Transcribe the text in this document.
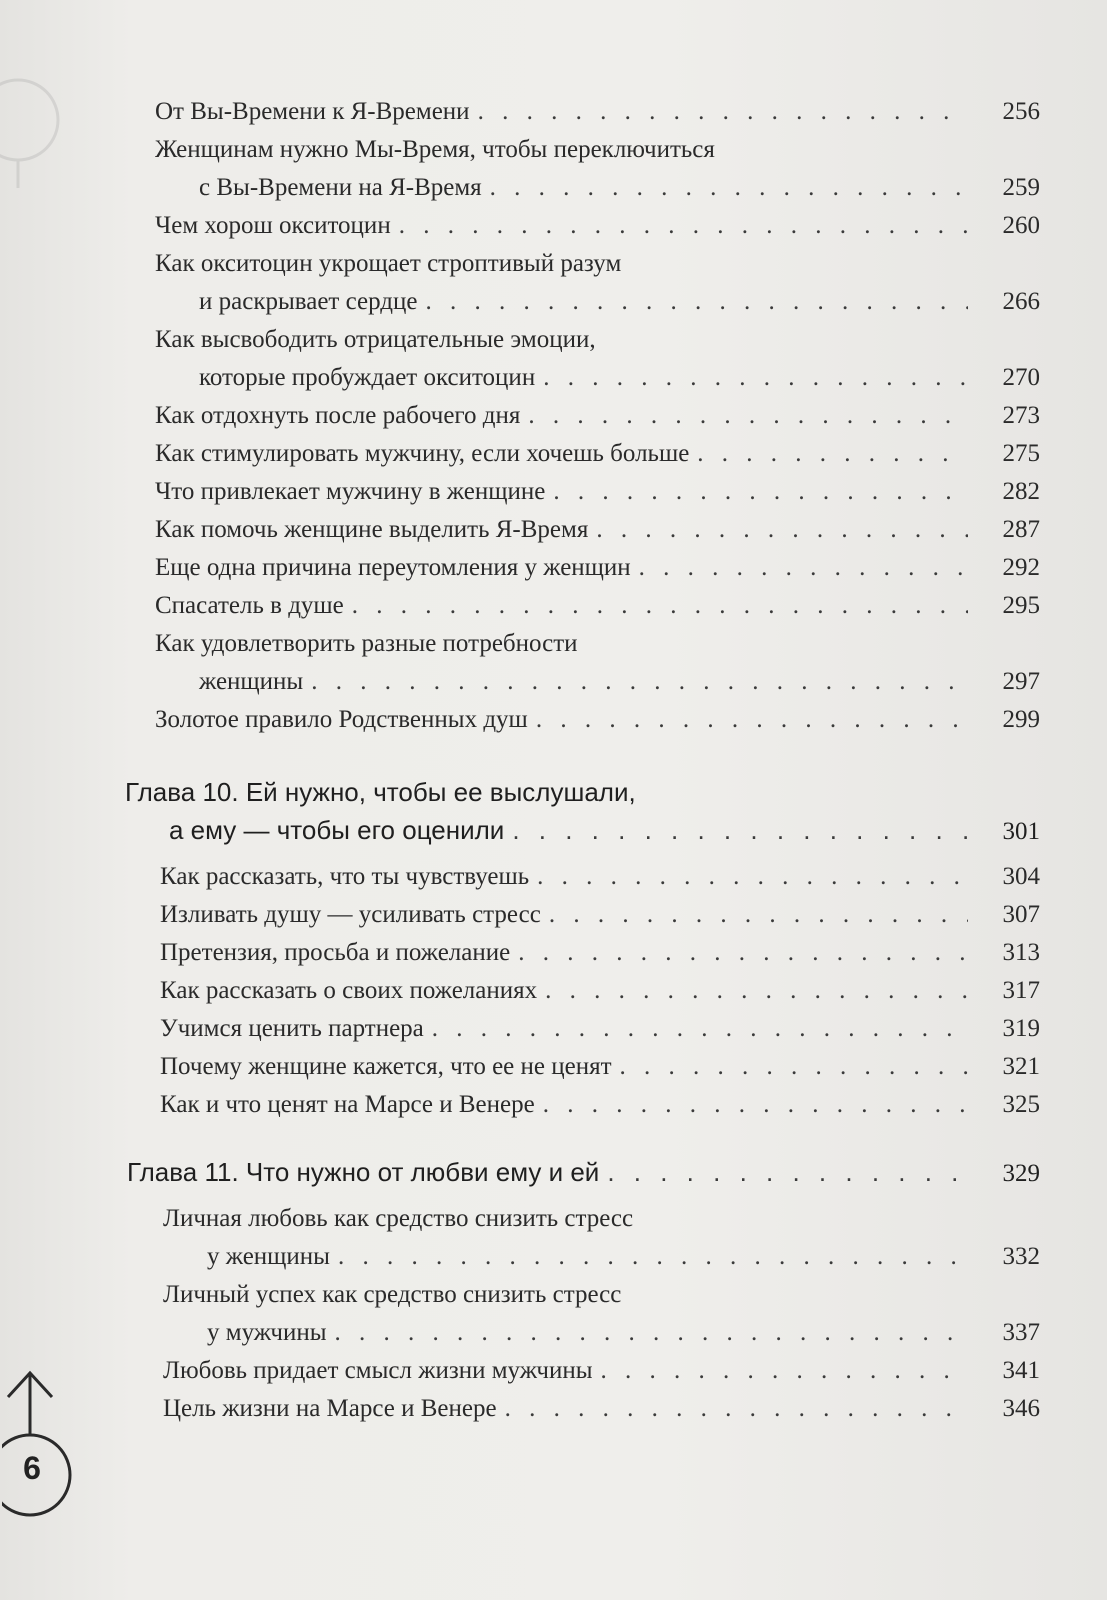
От Вы-Времени к Я-Времени . . .	256
Женщинам нужно Мы-Время, чтобы переключиться
с Вы-Времени на Я-Время . . .	259
Чем хорош окситоцин . . .	260
Как окситоцин укрощает строптивый разум
и раскрывает сердце . . .	266
Как высвободить отрицательные эмоции,
которые пробуждает окситоцин . . .	270
Как отдохнуть после рабочего дня . . .	273
Как стимулировать мужчину, если хочешь больше . . .	275
Что привлекает мужчину в женщине . . .	282
Как помочь женщине выделить Я-Время . . .	287
Еще одна причина переутомления у женщин . . .	292
Спасатель в душе . . .	295
Как удовлетворить разные потребности
женщины . . .	297
Золотое правило Родственных душ . . .	299
Глава 10. Ей нужно, чтобы ее выслушали,
а ему — чтобы его оценили . . .	301
Как рассказать, что ты чувствуешь . . .	304
Изливать душу — усиливать стресс . . .	307
Претензия, просьба и пожелание . . .	313
Как рассказать о своих пожеланиях . . .	317
Учимся ценить партнера . . .	319
Почему женщине кажется, что ее не ценят . . .	321
Как и что ценят на Марсе и Венере . . .	325
Глава 11. Что нужно от любви ему и ей . . .	329
Личная любовь как средство снизить стресс
у женщины . . .	332
Личный успех как средство снизить стресс
у мужчины . . .	337
Любовь придает смысл жизни мужчины . . .	341
Цель жизни на Марсе и Венере . . .	346
6
